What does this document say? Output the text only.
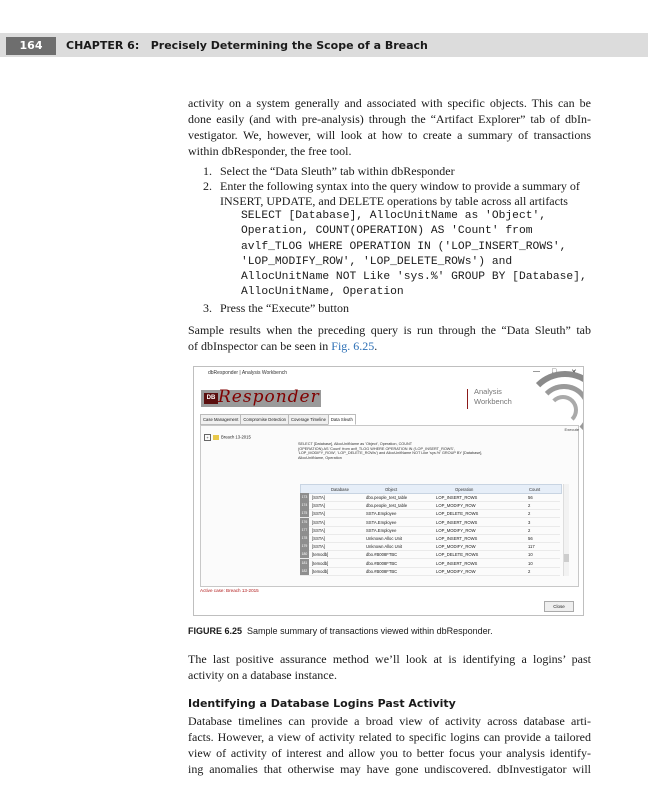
164	CHAPTER 6: Precisely Determining the Scope of a Breach
activity on a system generally and associated with specific objects. This can be
done easily (and with pre-analysis) through the “Artifact Explorer” tab of dbIn-
vestigator. We, however, will look at how to create a summary of transactions
within dbResponder, the free tool.
1. Select the “Data Sleuth” tab within dbResponder
2. Enter the following syntax into the query window to provide a summary of
INSERT, UPDATE, and DELETE operations by table across all artifacts
SELECT [Database], AllocUnitName as 'Object',
Operation, COUNT(OPERATION) AS 'Count' from
avlf_TLOG WHERE OPERATION IN ('LOP_INSERT_ROWS',
'LOP_MODIFY_ROW', 'LOP_DELETE_ROWs') and
AllocUnitName NOT Like 'sys.%' GROUP BY [Database],
AllocUnitName, Operation
3. Press the “Execute” button
Sample results when the preceding query is run through the “Data Sleuth” tab
of dbInspector can be seen in Fig. 6.25.
dbResponder | Analysis Workbench	— □ ✕
DB Responder	Analysis
Workbench
Case Management Compromise Detection Coverage Timeline Data Sleuth
Execute
+	Breach 13-2015
SELECT [Database], AllocUnitName as 'Object', Operation, COUNT
(OPERATION) AS 'Count' from avlf_TLOG WHERE OPERATION IN ('LOP_INSERT_ROWS',
'LOP_MODIFY_ROW', 'LOP_DELETE_ROWs') and AllocUnitName NOT Like 'sys.%' GROUP BY [Database],
AllocUnitName, Operation
Database	Object	Operation	Count
173	[SSTA]	dbo.people_test_table	LOP_INSERT_ROWS	56
174	[SSTA]	dbo.people_test_table	LOP_MODIFY_ROW	2
175	[SSTA]	SSTA.Employee	LOP_DELETE_ROWS	2
176	[SSTA]	SSTA.Employee	LOP_INSERT_ROWS	3
177	[SSTA]	SSTA.Employee	LOP_MODIFY_ROW	2
178	[SSTA]	Unknown Alloc Unit	LOP_INSERT_ROWS	56
179	[SSTA]	Unknown Alloc Unit	LOP_MODIFY_ROW	117
180	[temodb]	dbo.#B008FTBC	LOP_DELETE_ROWS	10
181	[temodb]	dbo.#B008FTBC	LOP_INSERT_ROWS	10
182	[temodb]	dbo.#B008FTBC	LOP_MODIFY_ROW	2
Active case: Breach 13-2015
Close
FIGURE 6.25 Sample summary of transactions viewed within dbResponder.
The last positive assurance method we’ll look at is identifying a logins’ past
activity on a database instance.
Identifying a Database Logins Past Activity
Database timelines can provide a broad view of activity across database arti-
facts. However, a view of activity related to specific logins can provide a tailored
view of activity of interest and allow you to better focus your analysis identify-
ing anomalies that otherwise may have gone undiscovered. dbInvestigator will
